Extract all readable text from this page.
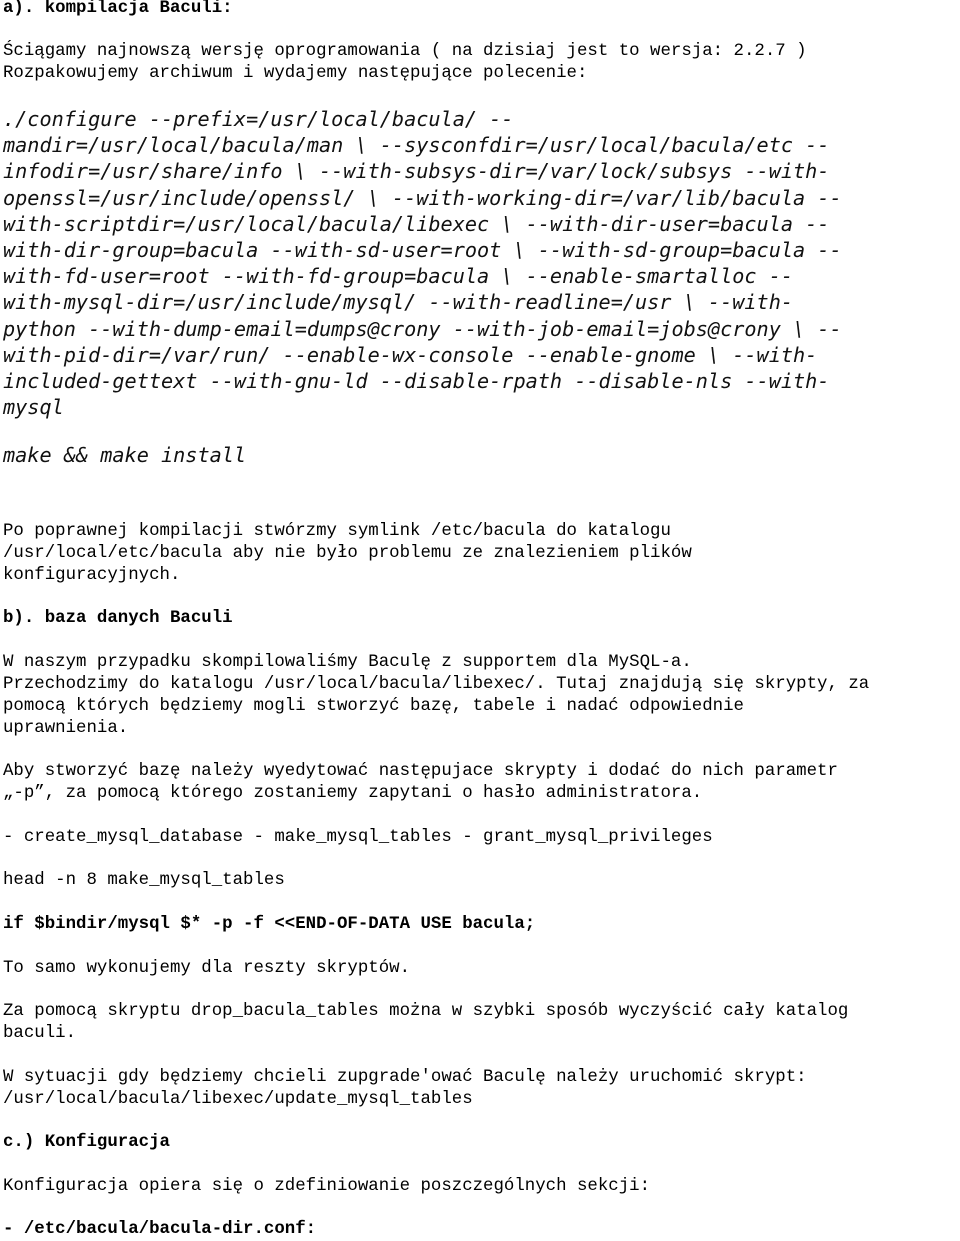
a). kompilacja Baculi:
Ściągamy najnowszą wersję oprogramowania ( na dzisiaj jest to wersja: 2.2.7 )
Rozpakowujemy archiwum i wydajemy następujące polecenie:
./configure --prefix=/usr/local/bacula/ --
mandir=/usr/local/bacula/man \ --sysconfdir=/usr/local/bacula/etc --
infodir=/usr/share/info \ --with-subsys-dir=/var/lock/subsys --with-
openssl=/usr/include/openssl/ \ --with-working-dir=/var/lib/bacula --
with-scriptdir=/usr/local/bacula/libexec \ --with-dir-user=bacula --
with-dir-group=bacula --with-sd-user=root \ --with-sd-group=bacula --
with-fd-user=root --with-fd-group=bacula \ --enable-smartalloc --
with-mysql-dir=/usr/include/mysql/ --with-readline=/usr \ --with-
python --with-dump-email=dumps@crony --with-job-email=jobs@crony \ --
with-pid-dir=/var/run/ --enable-wx-console --enable-gnome \ --with-
included-gettext --with-gnu-ld --disable-rpath --disable-nls --with-
mysql
make && make install
Po poprawnej kompilacji stwórzmy symlink /etc/bacula do katalogu
/usr/local/etc/bacula aby nie było problemu ze znalezieniem plików
konfiguracyjnych.
b). baza danych Baculi
W naszym przypadku skompilowaliśmy Baculę z supportem dla MySQL-a.
Przechodzimy do katalogu /usr/local/bacula/libexec/. Tutaj znajdują się skrypty, za
pomocą których będziemy mogli stworzyć bazę, tabele i nadać odpowiednie
uprawnienia.
Aby stworzyć bazę należy wyedytować następujace skrypty i dodać do nich parametr
„-p”, za pomocą którego zostaniemy zapytani o hasło administratora.
- create_mysql_database - make_mysql_tables - grant_mysql_privileges
head -n 8 make_mysql_tables
if $bindir/mysql $* -p -f <<END-OF-DATA USE bacula;
To samo wykonujemy dla reszty skryptów.
Za pomocą skryptu drop_bacula_tables można w szybki sposób wyczyścić cały katalog
baculi.
W sytuacji gdy będziemy chcieli zupgrade'ować Baculę należy uruchomić skrypt:
/usr/local/bacula/libexec/update_mysql_tables
c.) Konfiguracja
Konfiguracja opiera się o zdefiniowanie poszczególnych sekcji:
- /etc/bacula/bacula-dir.conf:
